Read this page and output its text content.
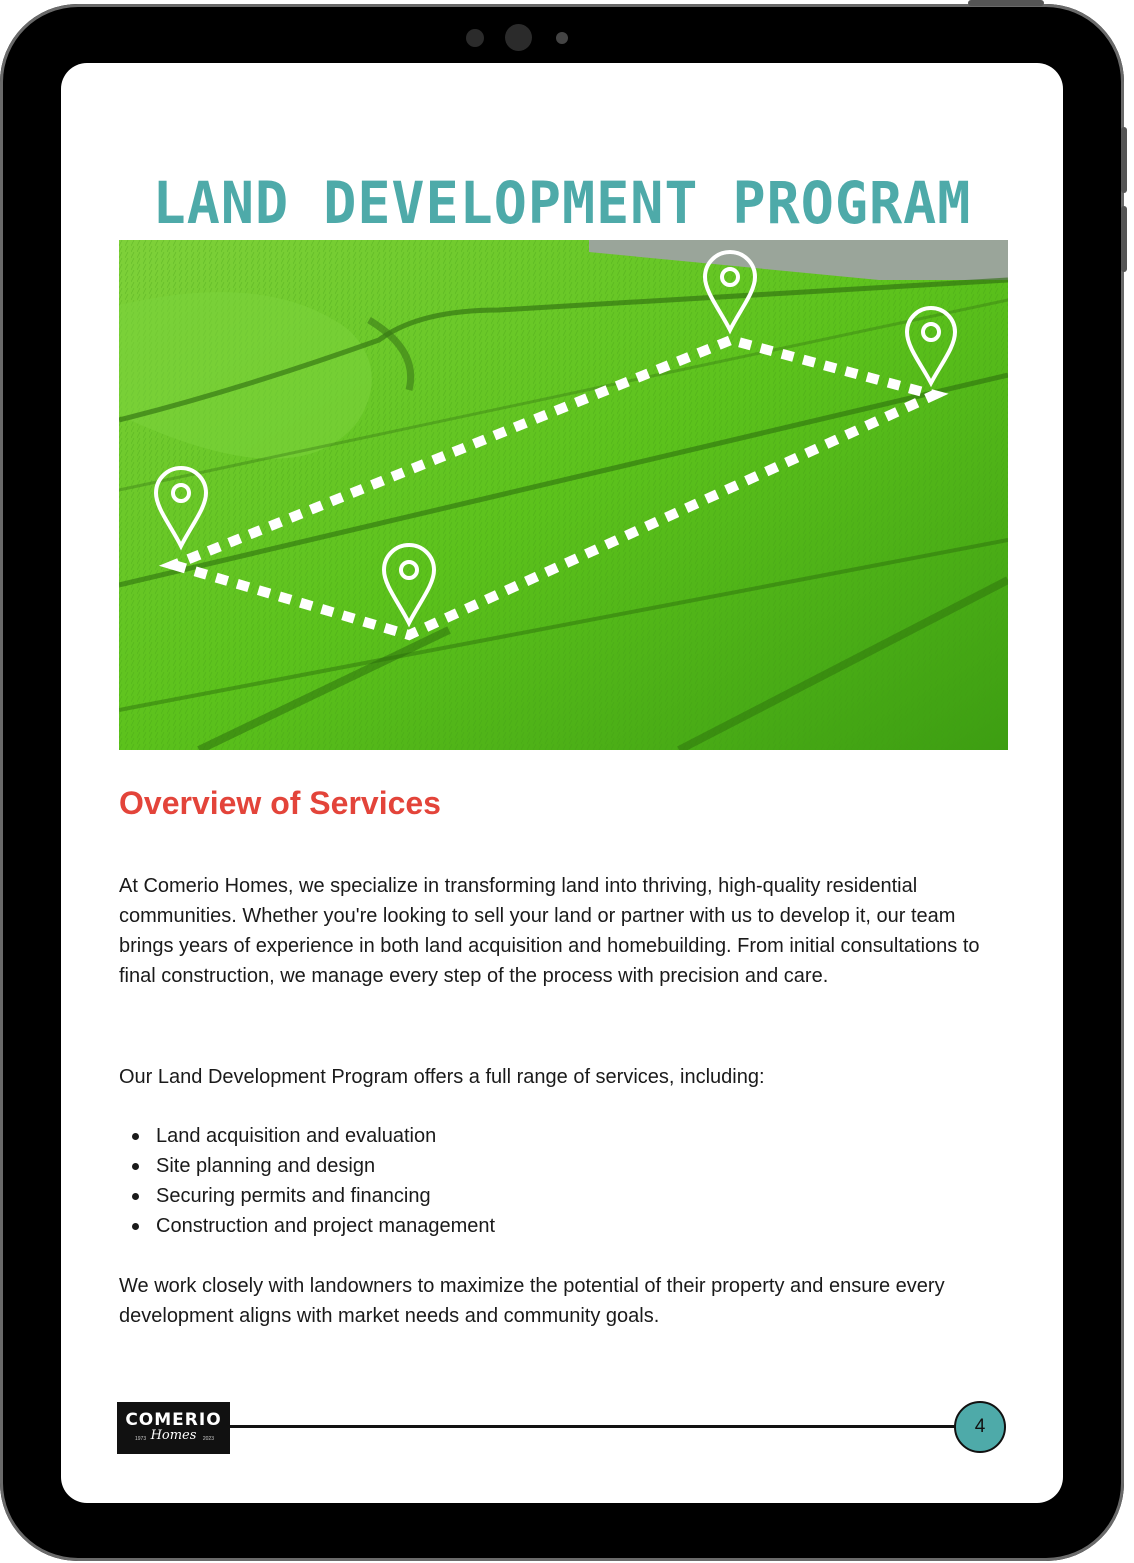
LAND DEVELOPMENT PROGRAM
Overview of Services

At Comerio Homes, we specialize in transforming land into thriving, high-quality residential communities. Whether you're looking to sell your land or partner with us to develop it, our team brings years of experience in both land acquisition and homebuilding. From initial consultations to final construction, we manage every step of the process with precision and care.

Our Land Development Program offers a full range of services, including:

Land acquisition and evaluation
Site planning and design
Securing permits and financing
Construction and project management

We work closely with landowners to maximize the potential of their property and ensure every development aligns with market needs and community goals.

COMERIO
Homes
1973	2023
4
